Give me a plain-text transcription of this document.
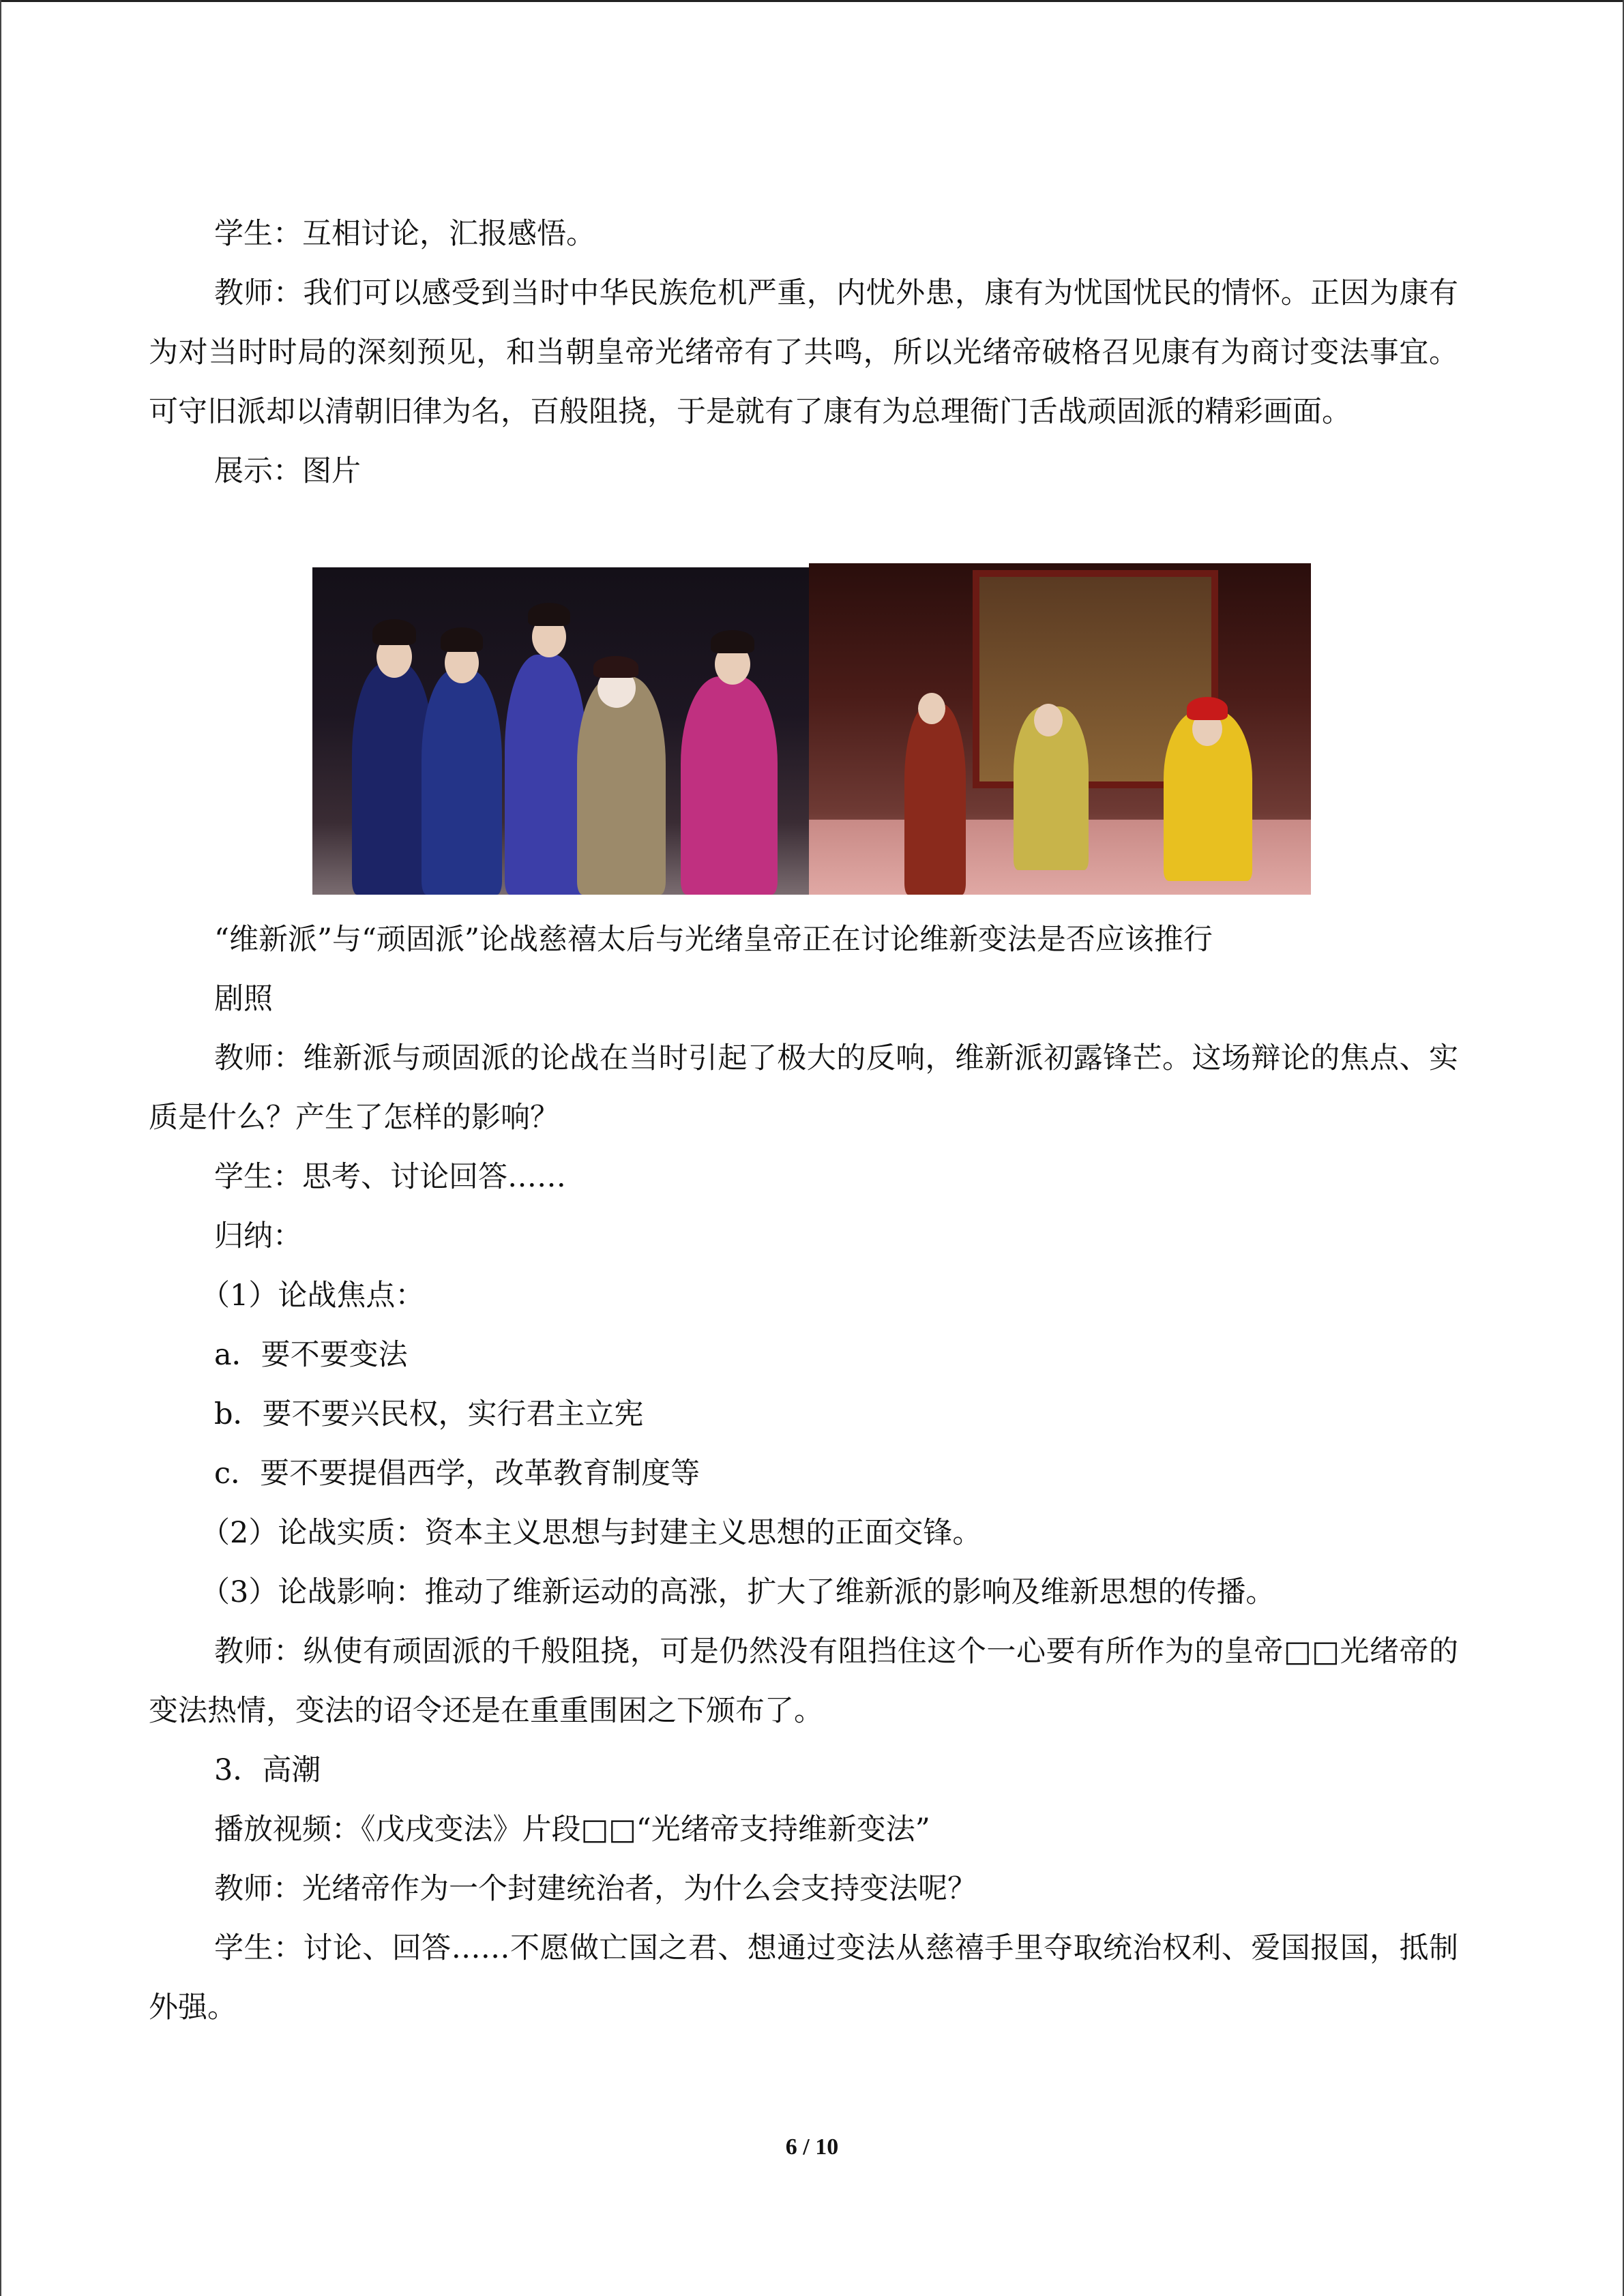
学生：互相讨论，汇报感悟。

教师：我们可以感受到当时中华民族危机严重，内忧外患，康有为忧国忧民的情怀。正因为康有为对当时时局的深刻预见，和当朝皇帝光绪帝有了共鸣，所以光绪帝破格召见康有为商讨变法事宜。可守旧派却以清朝旧律为名，百般阻挠，于是就有了康有为总理衙门舌战顽固派的精彩画面。

展示：图片

“维新派”与“顽固派”论战慈禧太后与光绪皇帝正在讨论维新变法是否应该推行

剧照

教师：维新派与顽固派的论战在当时引起了极大的反响，维新派初露锋芒。这场辩论的焦点、实质是什么？产生了怎样的影响？

学生：思考、讨论回答……

归纳：

（1）论战焦点：

a．要不要变法

b．要不要兴民权，实行君主立宪

c．要不要提倡西学，改革教育制度等

（2）论战实质：资本主义思想与封建主义思想的正面交锋。

（3）论战影响：推动了维新运动的高涨，扩大了维新派的影响及维新思想的传播。

教师：纵使有顽固派的千般阻挠，可是仍然没有阻挡住这个一心要有所作为的皇帝□□光绪帝的变法热情，变法的诏令还是在重重围困之下颁布了。

3．高潮

播放视频：《戊戌变法》片段□□“光绪帝支持维新变法”

教师：光绪帝作为一个封建统治者，为什么会支持变法呢？

学生：讨论、回答……不愿做亡国之君、想通过变法从慈禧手里夺取统治权利、爱国报国，抵制外强。

6 / 10
